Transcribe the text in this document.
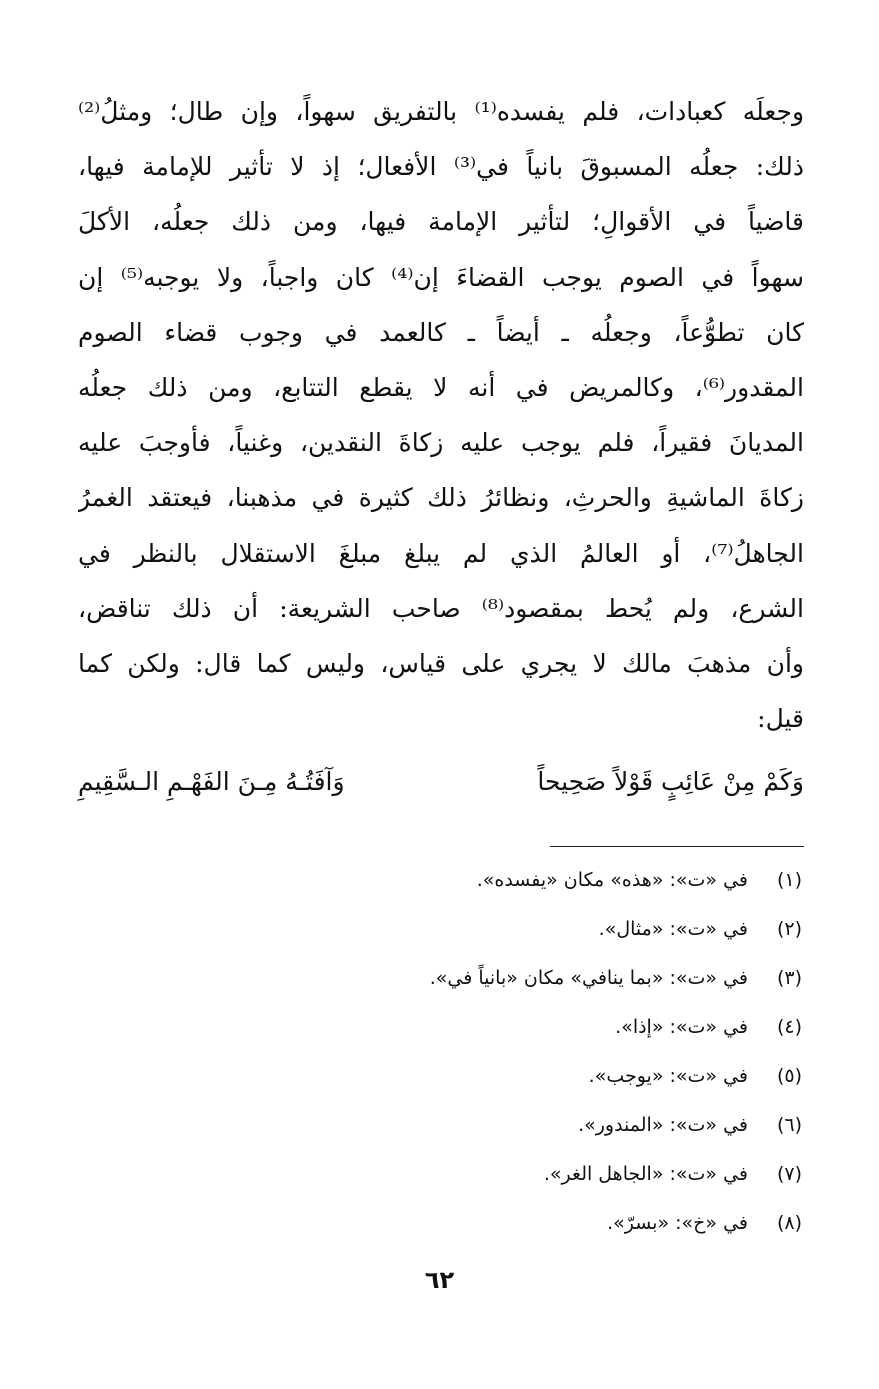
وجعلَه كعبادات، فلم يفسده⁽¹⁾ بالتفريق سهواً، وإن طال؛ ومثلُ⁽²⁾
ذلك: جعلُه المسبوقَ بانياً في⁽³⁾ الأفعال؛ إذ لا تأثير للإمامة فيها،
قاضياً في الأقوالِ؛ لتأثير الإمامة فيها، ومن ذلك جعلُه، الأكلَ
سهواً في الصوم يوجب القضاءَ إن⁽⁴⁾ كان واجباً، ولا يوجبه⁽⁵⁾ إن
كان تطوُّعاً، وجعلُه ـ أيضاً ـ كالعمد في وجوب قضاء الصوم
المقدور⁽⁶⁾، وكالمريض في أنه لا يقطع التتابع، ومن ذلك جعلُه
المديانَ فقيراً، فلم يوجب عليه زكاةَ النقدين، وغنياً، فأوجبَ عليه
زكاةَ الماشيةِ والحرثِ، ونظائرُ ذلك كثيرة في مذهبنا، فيعتقد الغمرُ
الجاهلُ⁽⁷⁾، أو العالمُ الذي لم يبلغ مبلغَ الاستقلال بالنظر في
الشرع، ولم يُحط بمقصود⁽⁸⁾ صاحب الشريعة: أن ذلك تناقض،
وأن مذهبَ مالك لا يجري على قياس، وليس كما قال: ولكن كما
قيل:
وَكَمْ مِنْ عَائِبٍ قَوْلاً صَحِيحاً
وَآفَتُـهُ مِـنَ الفَهْـمِ الـسَّقِيمِ
(١)في «ت»: «هذه» مكان «يفسده».
(٢)في «ت»: «مثال».
(٣)في «ت»: «بما ينافي» مكان «بانياً في».
(٤)في «ت»: «إذا».
(٥)في «ت»: «يوجب».
(٦)في «ت»: «المندور».
(٧)في «ت»: «الجاهل الغر».
(٨)في «خ»: «بسرّ».
٦٢
